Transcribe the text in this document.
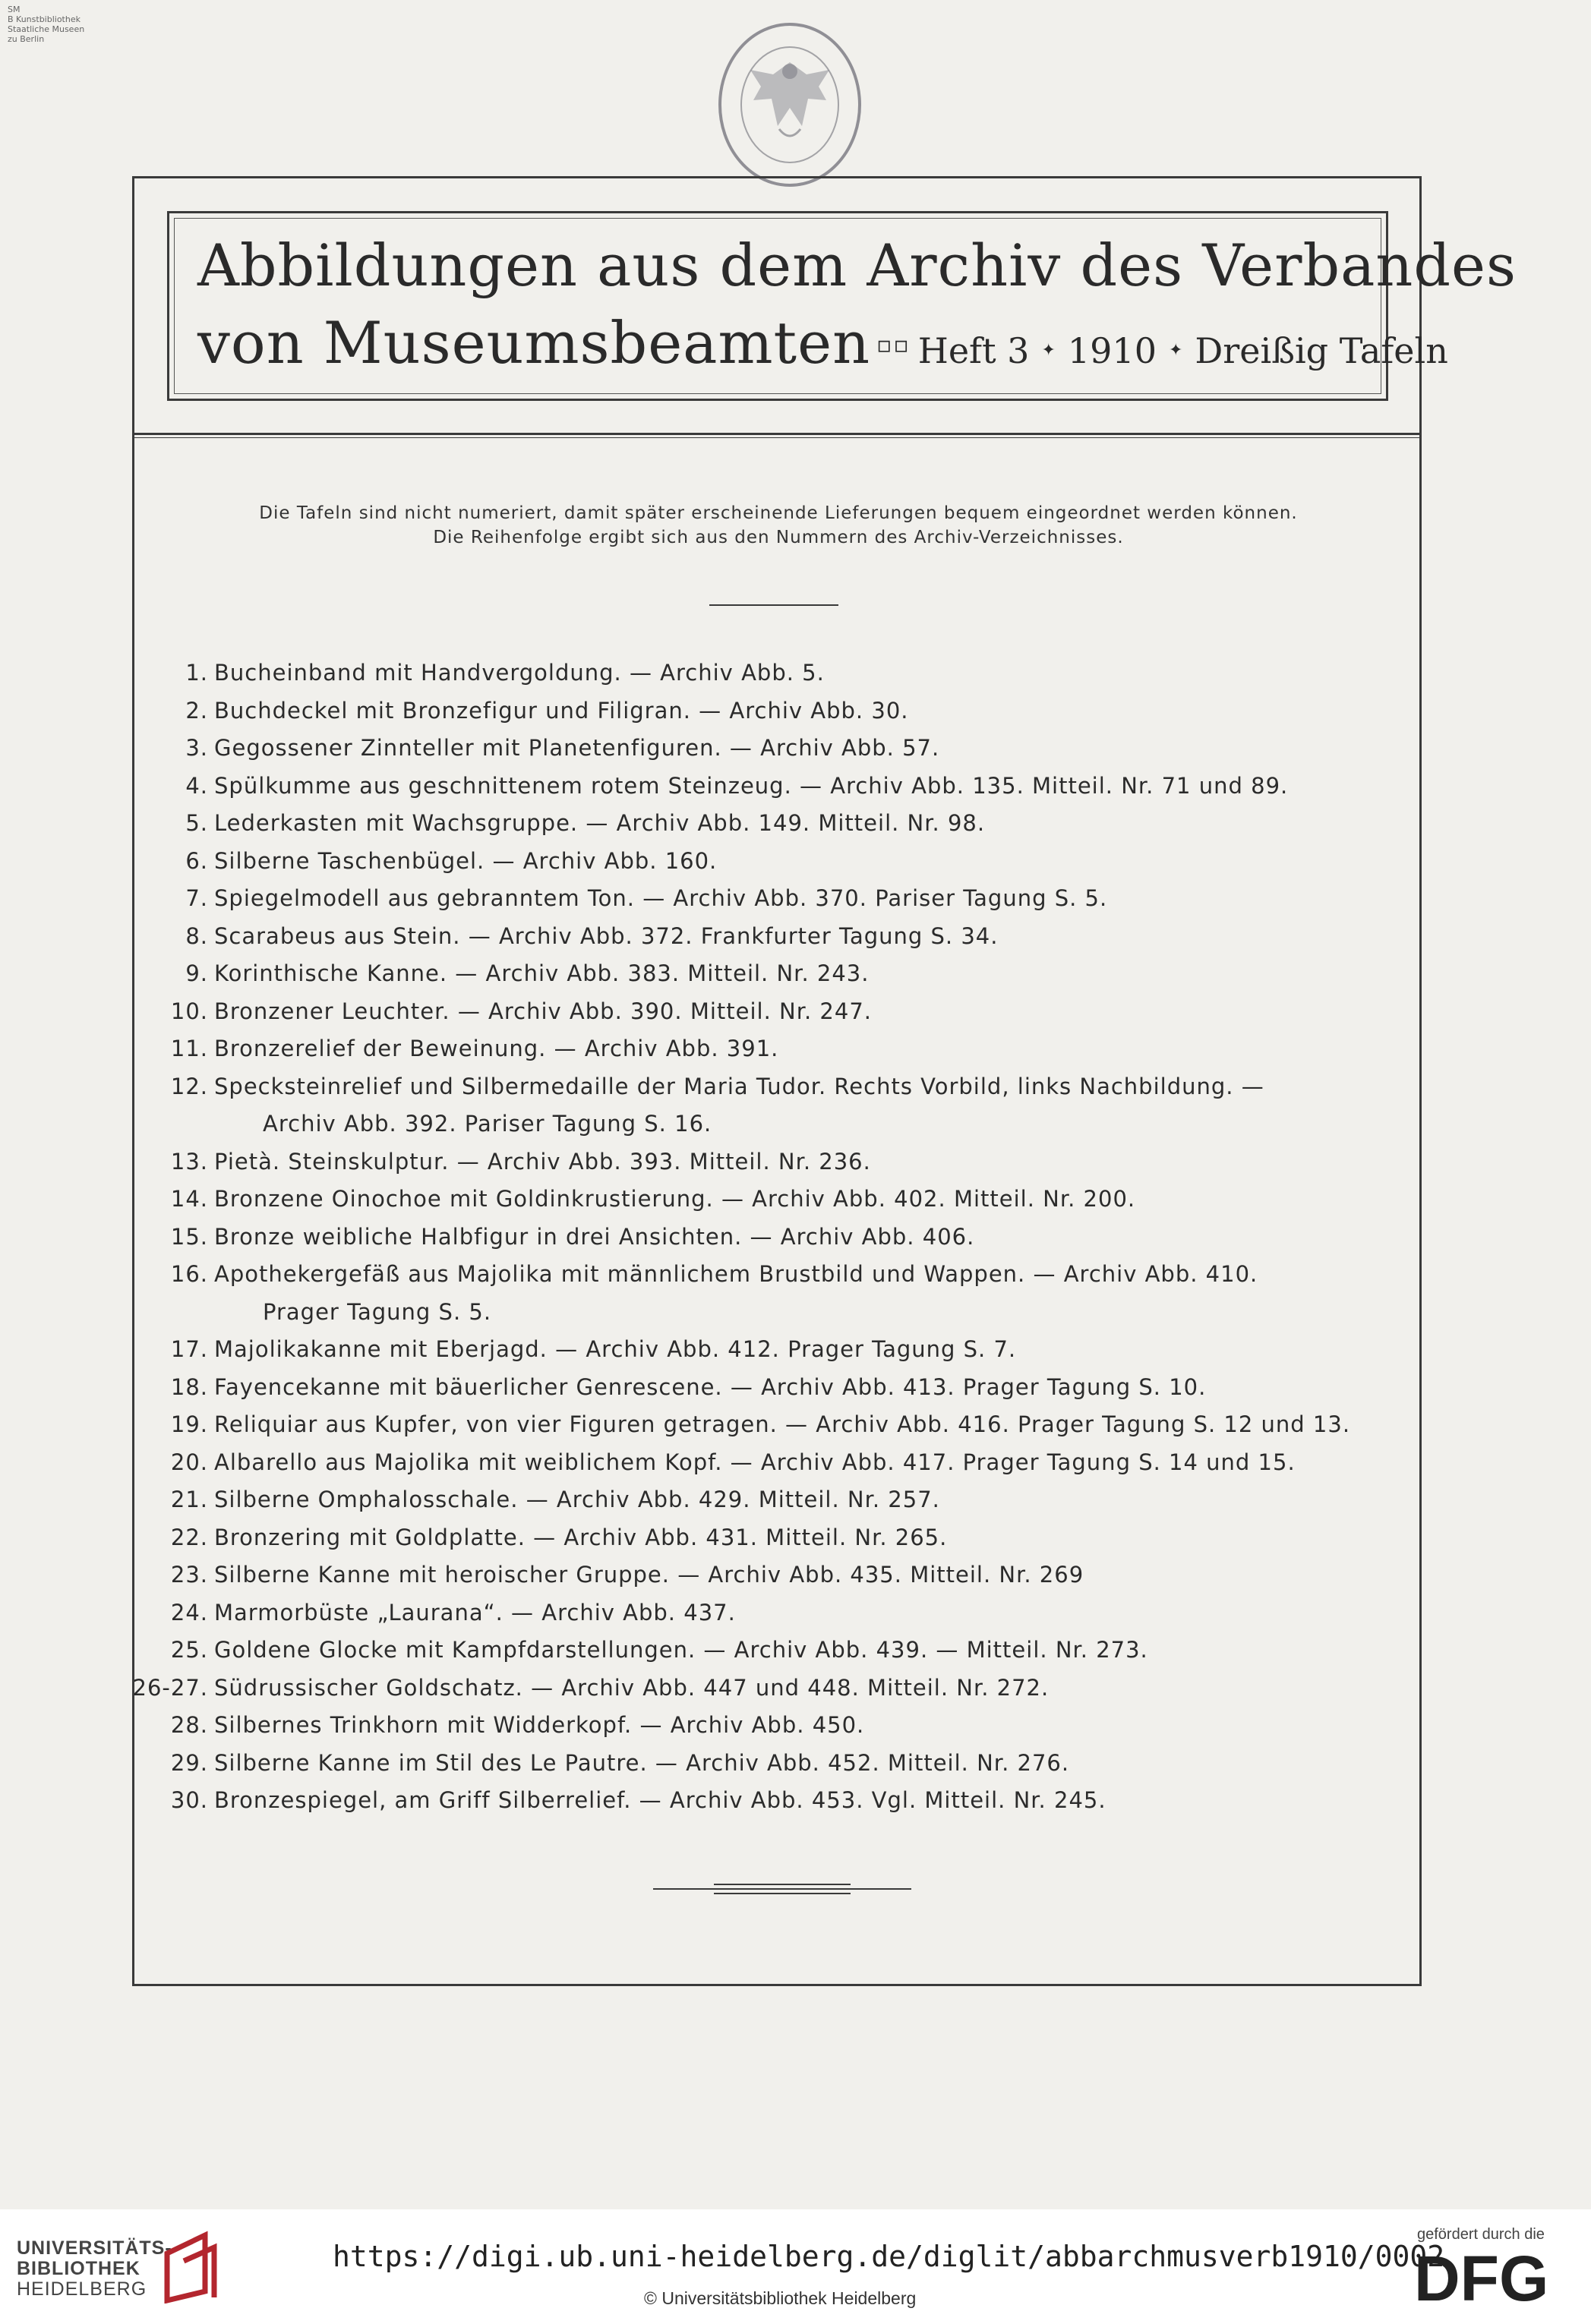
SM
B Kunstbibliothek
Staatliche Museen
zu Berlin
Abbildungen aus dem Archiv des Verbandes
von Museumsbeamten ▫▫ Heft 3 ✦ 1910 ✦ Dreißig Tafeln
Die Tafeln sind nicht numeriert, damit später erscheinende Lieferungen bequem eingeordnet werden können.
Die Reihenfolge ergibt sich aus den Nummern des Archiv-Verzeichnisses.
1. Bucheinband mit Handvergoldung. — Archiv Abb. 5.
2. Buchdeckel mit Bronzefigur und Filigran. — Archiv Abb. 30.
3. Gegossener Zinnteller mit Planetenfiguren. — Archiv Abb. 57.
4. Spülkumme aus geschnittenem rotem Steinzeug. — Archiv Abb. 135. Mitteil. Nr. 71 und 89.
5. Lederkasten mit Wachsgruppe. — Archiv Abb. 149. Mitteil. Nr. 98.
6. Silberne Taschenbügel. — Archiv Abb. 160.
7. Spiegelmodell aus gebranntem Ton. — Archiv Abb. 370. Pariser Tagung S. 5.
8. Scarabeus aus Stein. — Archiv Abb. 372. Frankfurter Tagung S. 34.
9. Korinthische Kanne. — Archiv Abb. 383. Mitteil. Nr. 243.
10. Bronzener Leuchter. — Archiv Abb. 390. Mitteil. Nr. 247.
11. Bronzerelief der Beweinung. — Archiv Abb. 391.
12. Specksteinrelief und Silbermedaille der Maria Tudor. Rechts Vorbild, links Nachbildung. —
Archiv Abb. 392. Pariser Tagung S. 16.
13. Pietà. Steinskulptur. — Archiv Abb. 393. Mitteil. Nr. 236.
14. Bronzene Oinochoe mit Goldinkrustierung. — Archiv Abb. 402. Mitteil. Nr. 200.
15. Bronze weibliche Halbfigur in drei Ansichten. — Archiv Abb. 406.
16. Apothekergefäß aus Majolika mit männlichem Brustbild und Wappen. — Archiv Abb. 410.
Prager Tagung S. 5.
17. Majolikakanne mit Eberjagd. — Archiv Abb. 412. Prager Tagung S. 7.
18. Fayencekanne mit bäuerlicher Genrescene. — Archiv Abb. 413. Prager Tagung S. 10.
19. Reliquiar aus Kupfer, von vier Figuren getragen. — Archiv Abb. 416. Prager Tagung S. 12 und 13.
20. Albarello aus Majolika mit weiblichem Kopf. — Archiv Abb. 417. Prager Tagung S. 14 und 15.
21. Silberne Omphalosschale. — Archiv Abb. 429. Mitteil. Nr. 257.
22. Bronzering mit Goldplatte. — Archiv Abb. 431. Mitteil. Nr. 265.
23. Silberne Kanne mit heroischer Gruppe. — Archiv Abb. 435. Mitteil. Nr. 269
24. Marmorbüste „Laurana“. — Archiv Abb. 437.
25. Goldene Glocke mit Kampfdarstellungen. — Archiv Abb. 439. — Mitteil. Nr. 273.
26-27. Südrussischer Goldschatz. — Archiv Abb. 447 und 448. Mitteil. Nr. 272.
28. Silbernes Trinkhorn mit Widderkopf. — Archiv Abb. 450.
29. Silberne Kanne im Stil des Le Pautre. — Archiv Abb. 452. Mitteil. Nr. 276.
30. Bronzespiegel, am Griff Silberrelief. — Archiv Abb. 453. Vgl. Mitteil. Nr. 245.
UNIVERSITÄTS-
BIBLIOTHEK
HEIDELBERG
https://digi.ub.uni-heidelberg.de/diglit/abbarchmusverb1910/0002
© Universitätsbibliothek Heidelberg
gefördert durch die
DFG
